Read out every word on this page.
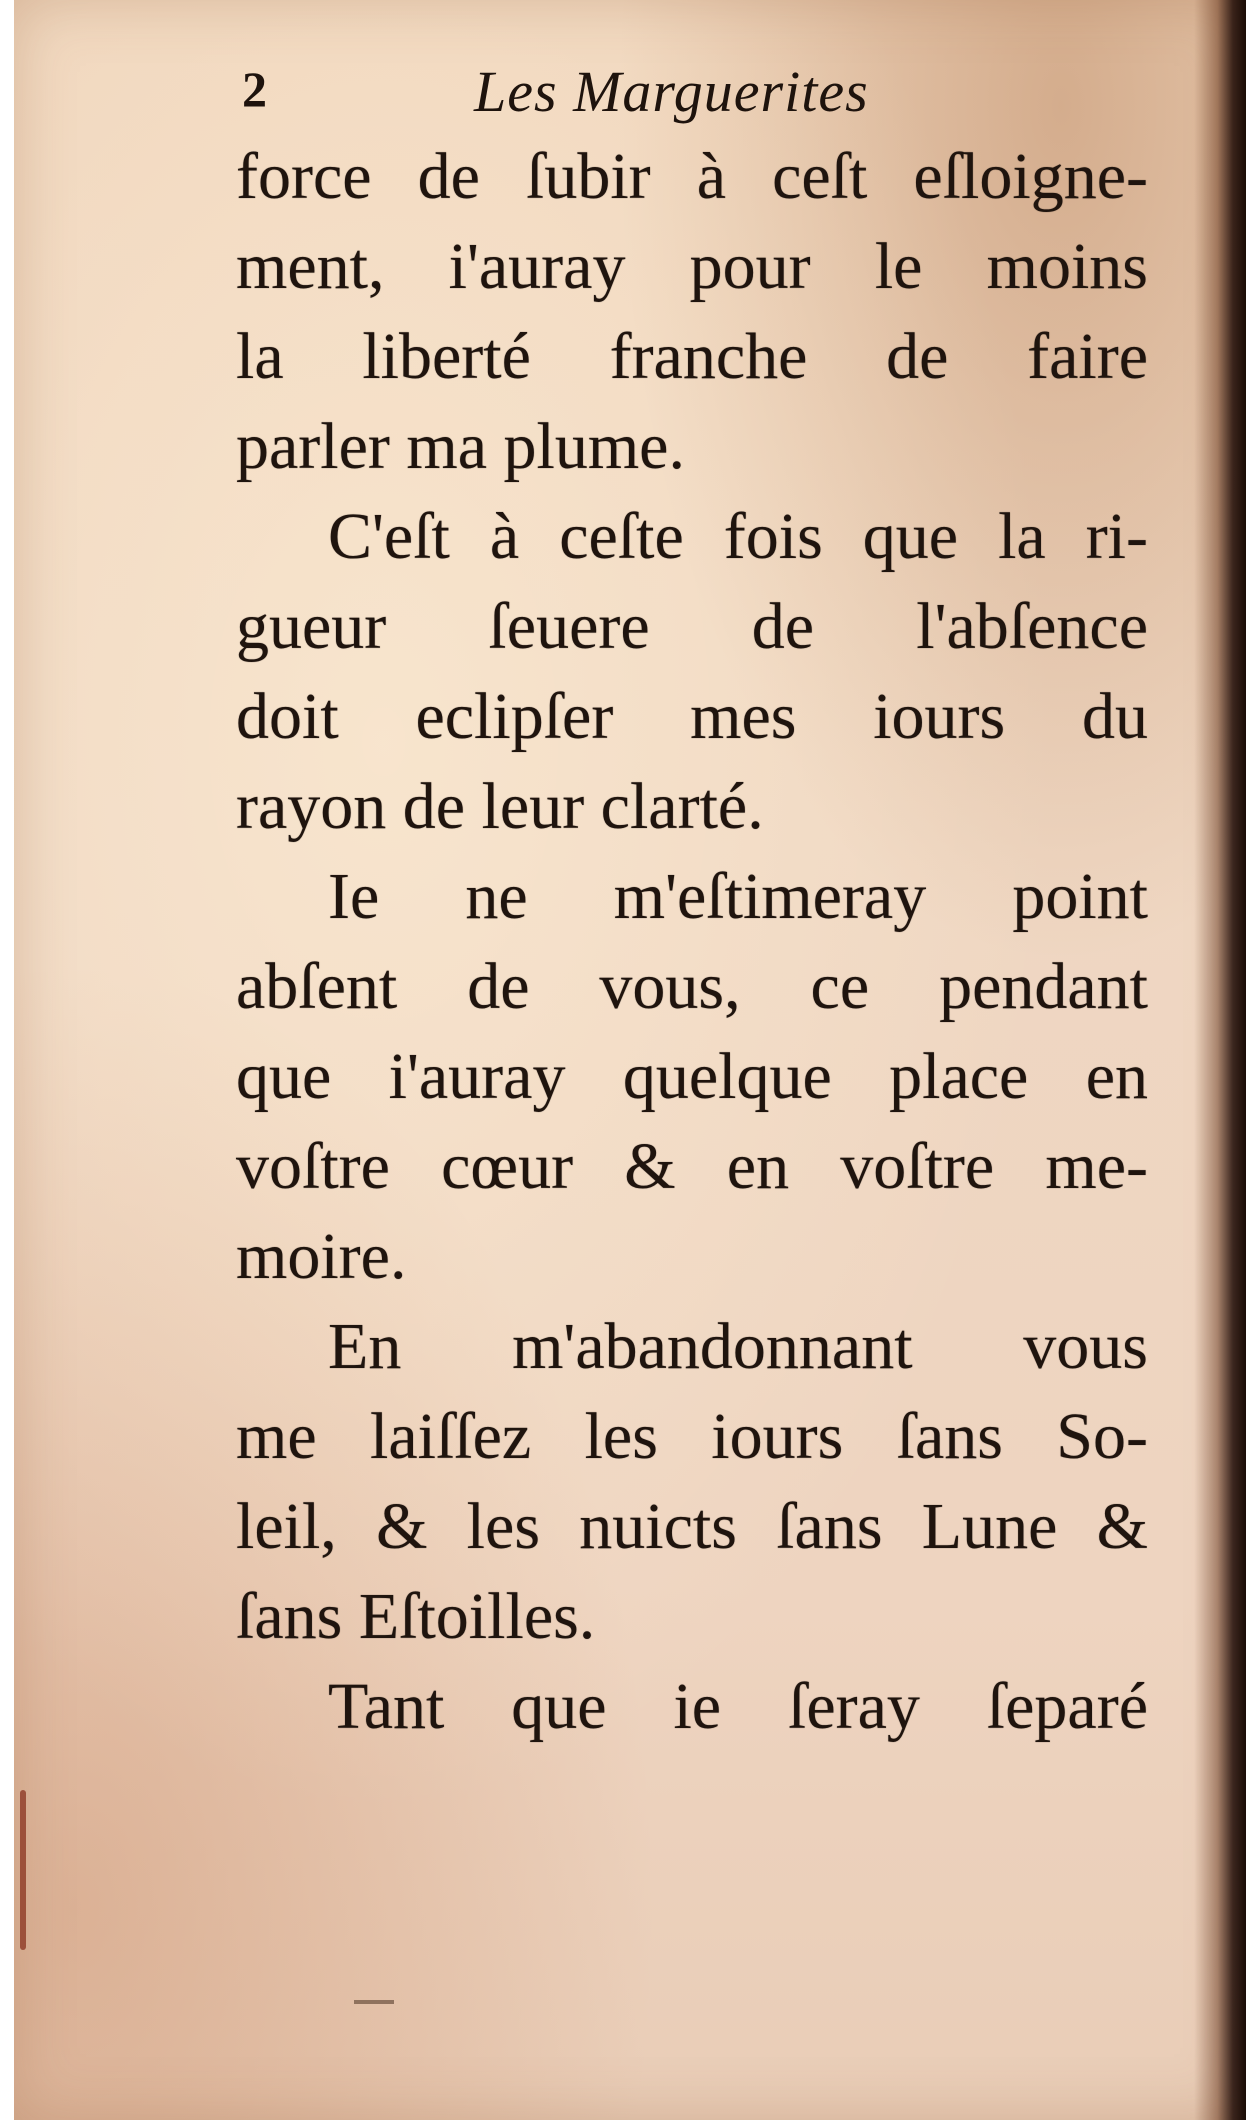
2	Les Marguerites
force de ſubir à ceſt eſloigne-
ment, i'auray pour le moins
la liberté franche de faire
parler ma plume.
C'eſt à ceſte fois que la ri-
gueur ſeuere de l'abſence
doit eclipſer mes iours du
rayon de leur clarté.
Ie ne m'eſtimeray point
abſent de vous, ce pendant
que i'auray quelque place en
voſtre cœur & en voſtre me-
moire.
En m'abandonnant vous
me laiſſez les iours ſans So-
leil, & les nuicts ſans Lune &
ſans Eſtoilles.
Tant que ie ſeray ſeparé
